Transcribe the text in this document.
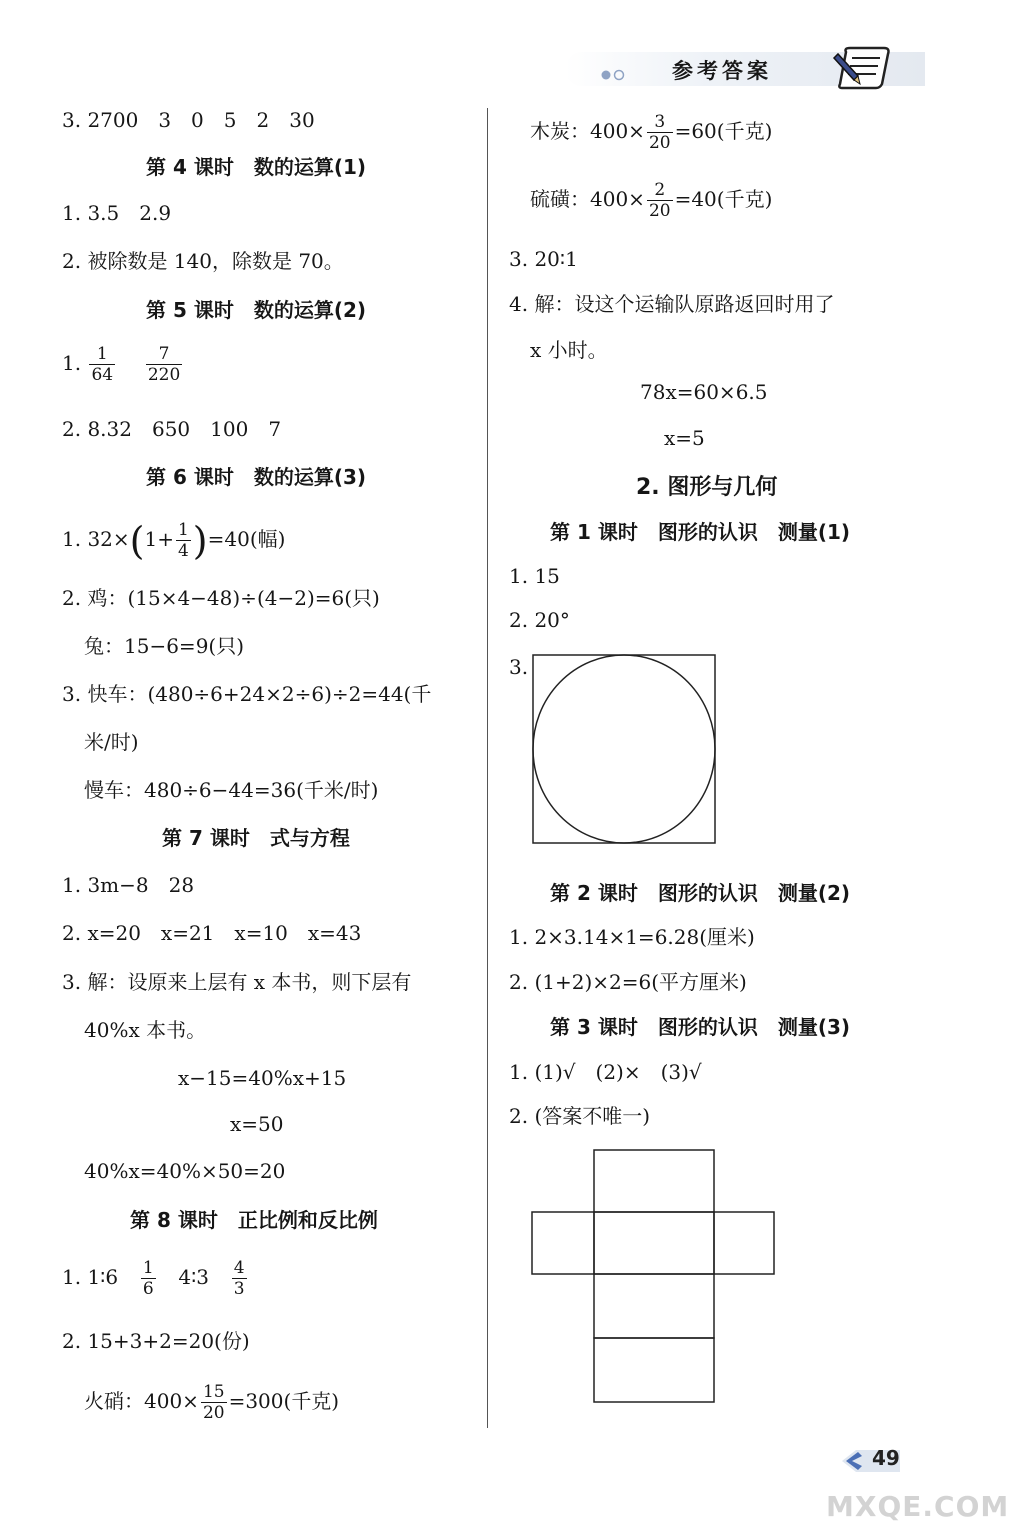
参考答案
3. 2700　3　0　5　2　30
第 4 课时　数的运算(1)
1. 3.5　2.9
2. 被除数是 140，除数是 70。
第 5 课时　数的运算(2)
1. $\frac{1}{64}$
$\frac{7}{220}$
2. 8.32　650　100　7
第 6 课时　数的运算(3)
1. $32\times(1+ \frac{1}{4} )=40$(幅)
2. 鸡：(15×4−48)÷(4−2)=6(只)
兔：15−6=9(只)
3. 快车：(480÷6+24×2÷6)÷2=44(千
米/时)
慢车：480÷6−44=36(千米/时)
第 7 课时　式与方程
1. 3m−8　28
2. x=20　x=21　x=10　x=43
3. 解：设原来上层有 x 本书，则下层有
40%x 本书。
x−15=40%x+15
x=50
40%x=40%×50=20
第 8 课时　正比例和反比例
1. 1∶6 $\frac{1}{6}$ 4∶3 $\frac{4}{3}$
2. 15+3+2=20(份)
火硝：$400\times \frac{15}{20} =300$(千克)
木炭：$400\times \frac{3}{20} =60$(千克)
硫磺：$400\times \frac{2}{20} =40$(千克)
3. 20∶1
4. 解：设这个运输队原路返回时用了
x 小时。
78x=60×6.5
x=5
2. 图形与几何
第 1 课时　图形的认识　测量(1)
1. 15
2. 20°
3.
第 2 课时　图形的认识　测量(2)
1. 2×3.14×1=6.28(厘米)
2. (1+2)×2=6(平方厘米)
第 3 课时　图形的认识　测量(3)
1. (1)√　(2)×　(3)√
2. (答案不唯一)
49
MXQE.COM
